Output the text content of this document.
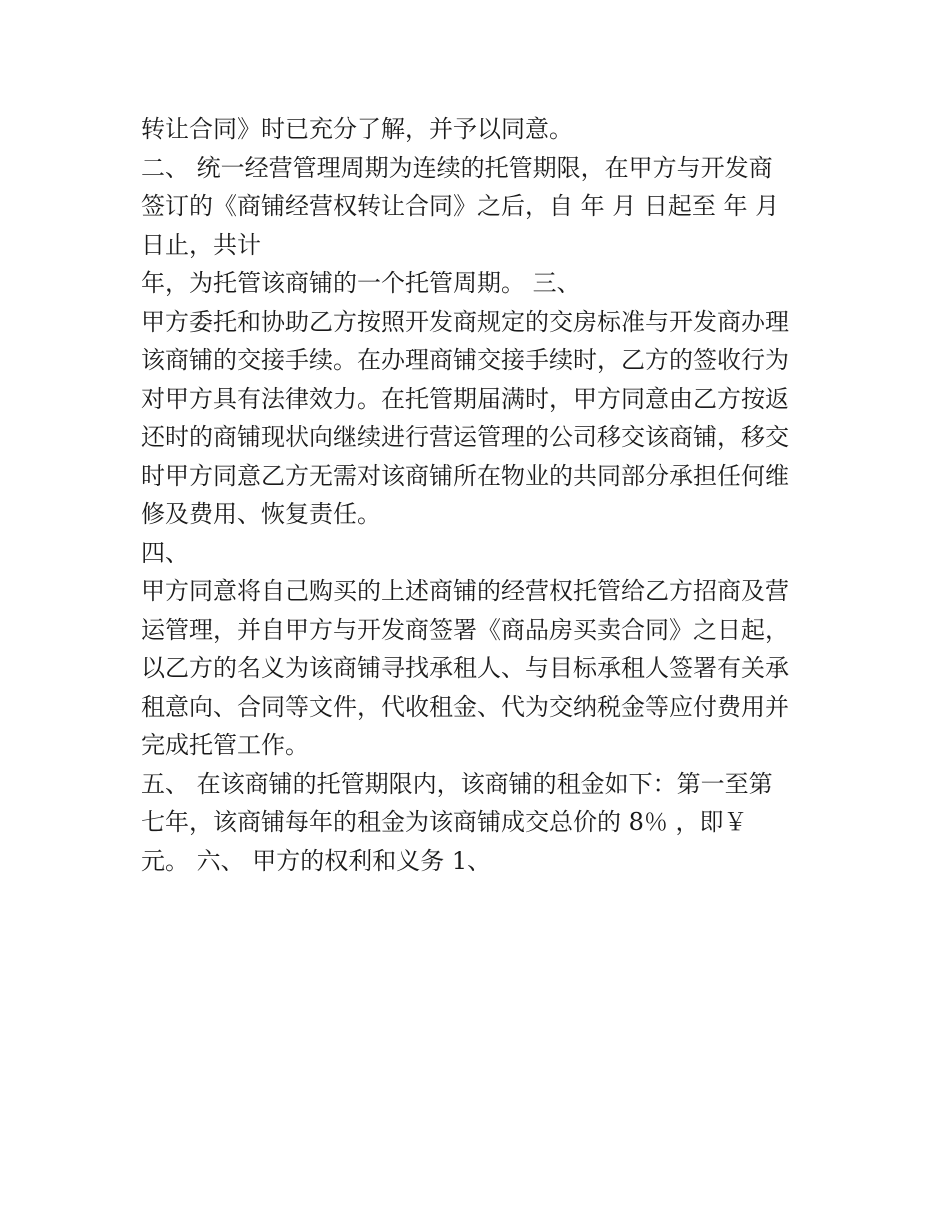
转让合同》时已充分了解，并予以同意。
二、 统一经营管理周期为连续的托管期限，在甲方与开发商
签订的《商铺经营权转让合同》之后，自 年 月 日起至 年 月
日止，共计
年，为托管该商铺的一个托管周期。 三、
甲方委托和协助乙方按照开发商规定的交房标准与开发商办理
该商铺的交接手续。在办理商铺交接手续时，乙方的签收行为
对甲方具有法律效力。在托管期届满时，甲方同意由乙方按返
还时的商铺现状向继续进行营运管理的公司移交该商铺，移交
时甲方同意乙方无需对该商铺所在物业的共同部分承担任何维
修及费用、恢复责任。
四、
甲方同意将自己购买的上述商铺的经营权托管给乙方招商及营
运管理，并自甲方与开发商签署《商品房买卖合同》之日起，
以乙方的名义为该商铺寻找承租人、与目标承租人签署有关承
租意向、合同等文件，代收租金、代为交纳税金等应付费用并
完成托管工作。
五、 在该商铺的托管期限内，该商铺的租金如下：第一至第
七年，该商铺每年的租金为该商铺成交总价的 8％ ，即￥
元。 六、 甲方的权利和义务 1、
